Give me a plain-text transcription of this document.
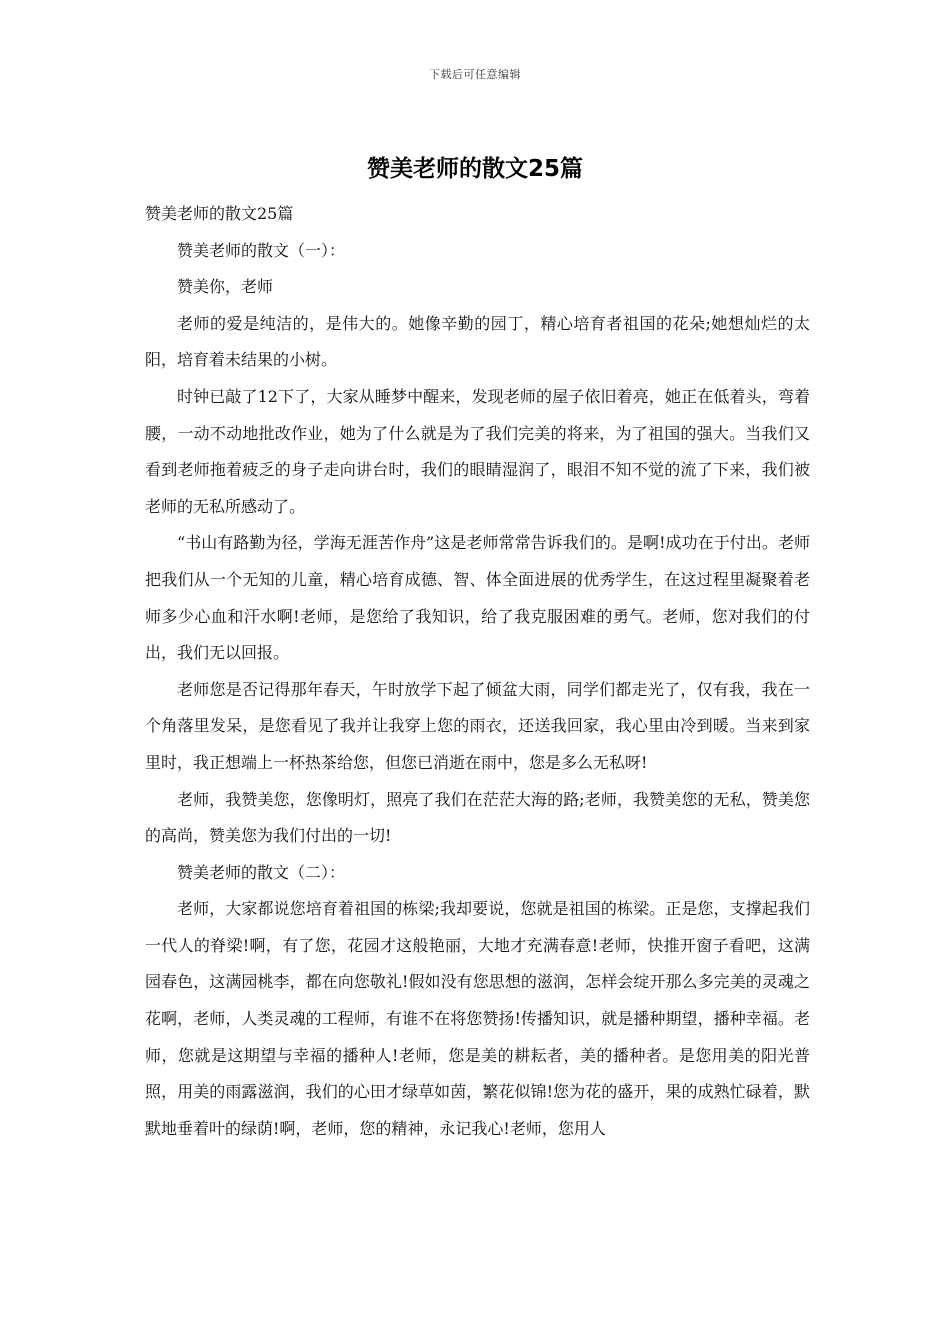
下载后可任意编辑
赞美老师的散文25篇

赞美老师的散文25篇

赞美老师的散文（一）：

赞美你，老师

老师的爱是纯洁的，是伟大的。她像辛勤的园丁，精心培育者祖国的花朵;她想灿烂的太阳，培育着未结果的小树。

时钟已敲了12下了，大家从睡梦中醒来，发现老师的屋子依旧着亮，她正在低着头，弯着腰，一动不动地批改作业，她为了什么就是为了我们完美的将来，为了祖国的强大。当我们又看到老师拖着疲乏的身子走向讲台时，我们的眼睛湿润了，眼泪不知不觉的流了下来，我们被老师的无私所感动了。

“书山有路勤为径，学海无涯苦作舟”这是老师常常告诉我们的。是啊!成功在于付出。老师把我们从一个无知的儿童，精心培育成德、智、体全面进展的优秀学生，在这过程里凝聚着老师多少心血和汗水啊!老师，是您给了我知识，给了我克服困难的勇气。老师，您对我们的付出，我们无以回报。

老师您是否记得那年春天，午时放学下起了倾盆大雨，同学们都走光了，仅有我，我在一个角落里发呆，是您看见了我并让我穿上您的雨衣，还送我回家，我心里由冷到暖。当来到家里时，我正想端上一杯热茶给您，但您已消逝在雨中，您是多么无私呀!

老师，我赞美您，您像明灯，照亮了我们在茫茫大海的路;老师，我赞美您的无私，赞美您的高尚，赞美您为我们付出的一切!

赞美老师的散文（二）：

老师，大家都说您培育着祖国的栋梁;我却要说，您就是祖国的栋梁。正是您，支撑起我们一代人的脊梁!啊，有了您，花园才这般艳丽，大地才充满春意!老师，快推开窗子看吧，这满园春色，这满园桃李，都在向您敬礼!假如没有您思想的滋润，怎样会绽开那么多完美的灵魂之花啊，老师，人类灵魂的工程师，有谁不在将您赞扬!传播知识，就是播种期望，播种幸福。老师，您就是这期望与幸福的播种人!老师，您是美的耕耘者，美的播种者。是您用美的阳光普照，用美的雨露滋润，我们的心田才绿草如茵，繁花似锦!您为花的盛开，果的成熟忙碌着，默默地垂着叶的绿荫!啊，老师，您的精神，永记我心!老师，您用人
